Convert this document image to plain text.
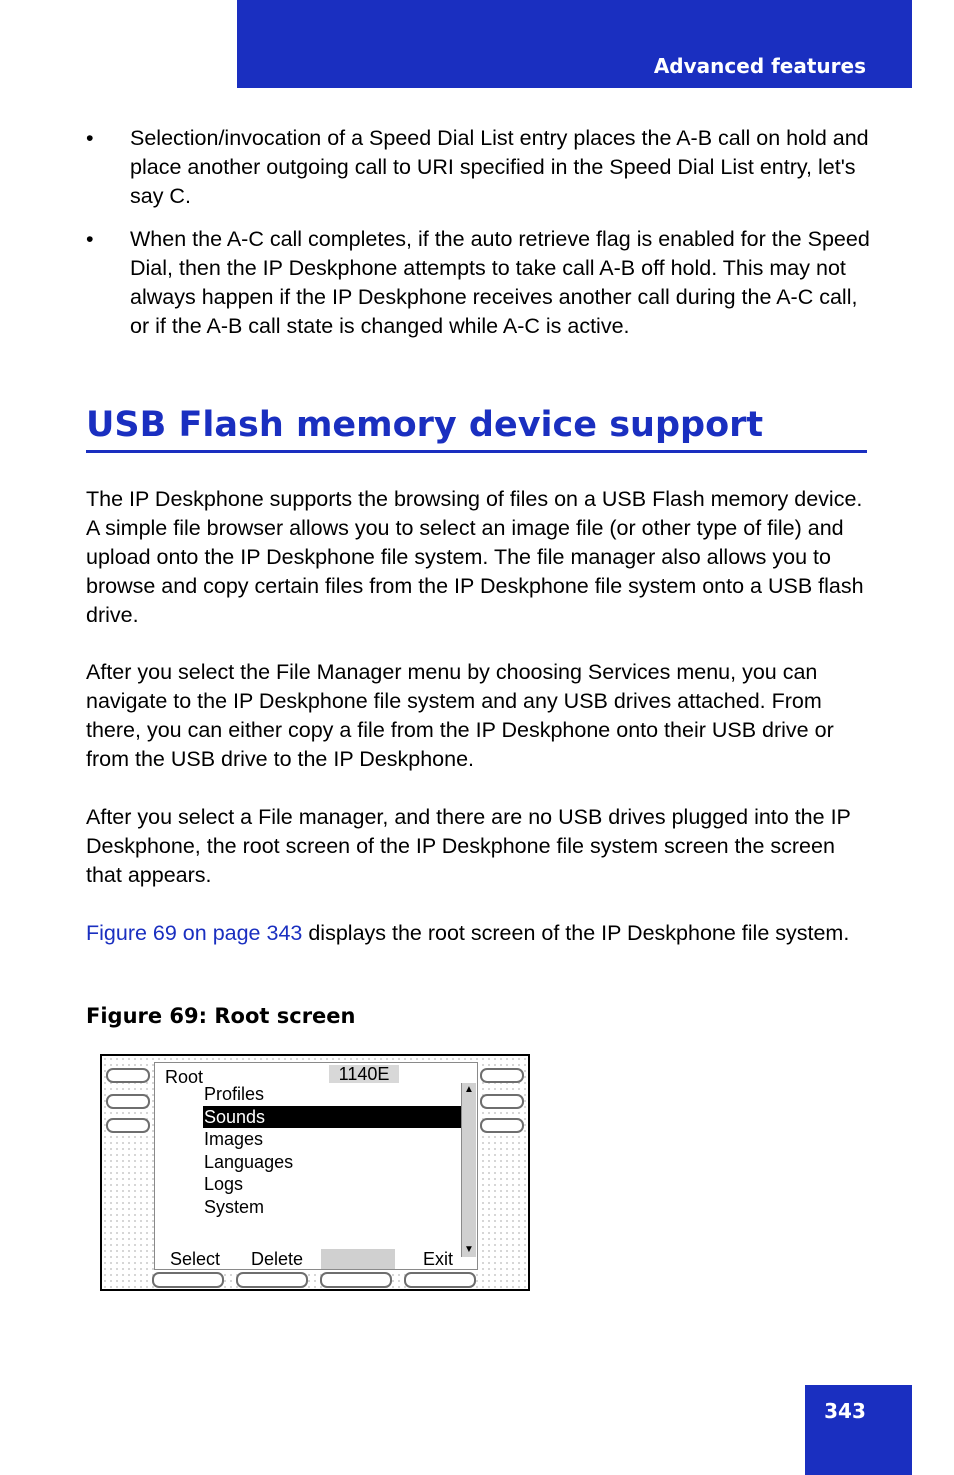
Advanced features
• Selection/invocation of a Speed Dial List entry places the A-B call on hold and place another outgoing call to URI specified in the Speed Dial List entry, let's say C.
• When the A-C call completes, if the auto retrieve flag is enabled for the Speed Dial, then the IP Deskphone attempts to take call A-B off hold. This may not always happen if the IP Deskphone receives another call during the A-C call, or if the A-B call state is changed while A-C is active.
USB Flash memory device support

The IP Deskphone supports the browsing of files on a USB Flash memory device. A simple file browser allows you to select an image file (or other type of file) and upload onto the IP Deskphone file system. The file manager also allows you to browse and copy certain files from the IP Deskphone file system onto a USB flash drive.

After you select the File Manager menu by choosing Services menu, you can navigate to the IP Deskphone file system and any USB drives attached. From there, you can either copy a file from the IP Deskphone onto their USB drive or from the USB drive to the IP Deskphone.

After you select a File manager, and there are no USB drives plugged into the IP Deskphone, the root screen of the IP Deskphone file system screen the screen that appears.

Figure 69 on page 343 displays the root screen of the IP Deskphone file system.

Figure 69: Root screen
Root	1140E
Profiles
Sounds
Images
Languages
Logs
System
▲
▼
Select	Delete	Exit
343
